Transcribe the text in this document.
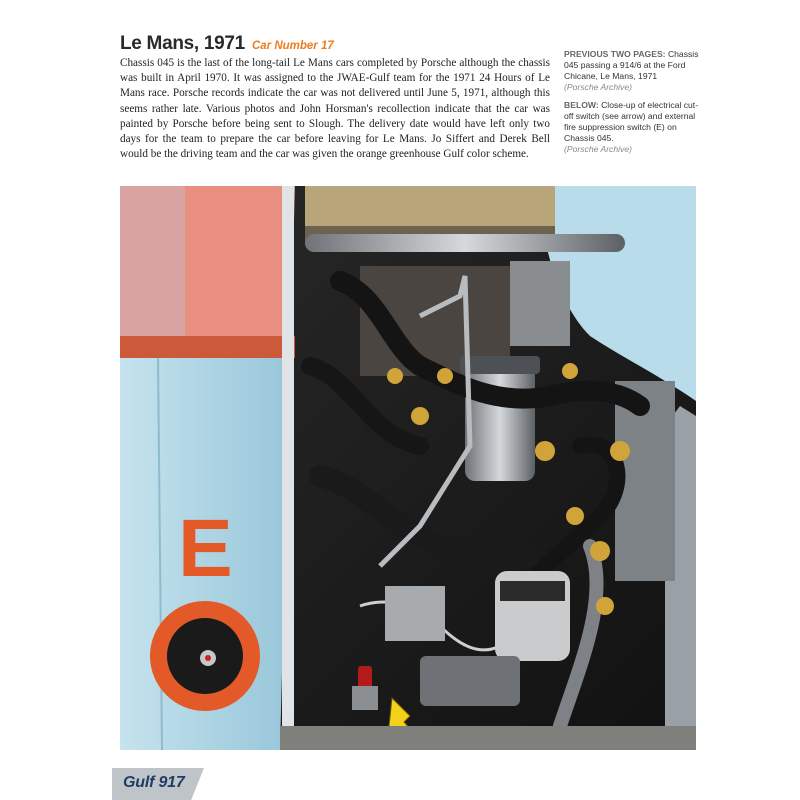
Le Mans, 1971 Car Number 17

Chassis 045 is the last of the long-tail Le Mans cars completed by Porsche although the chassis was built in April 1970. It was assigned to the JWAE-Gulf team for the 1971 24 Hours of Le Mans race. Porsche records indicate the car was not delivered until June 5, 1971, although this seems rather late. Various photos and John Horsman's recollection indicate that the car was painted by Porsche before being sent to Slough. The delivery date would have left only two days for the team to prepare the car before leaving for Le Mans. Jo Siffert and Derek Bell would be the driving team and the car was given the orange greenhouse Gulf color scheme.

PREVIOUS TWO PAGES: Chassis 045 passing a 914/6 at the Ford Chicane, Le Mans, 1971
(Porsche Archive)
BELOW: Close-up of electrical cut-off switch (see arrow) and external fire suppression switch (E) on Chassis 045.
(Porsche Archive)
E
Gulf 917
